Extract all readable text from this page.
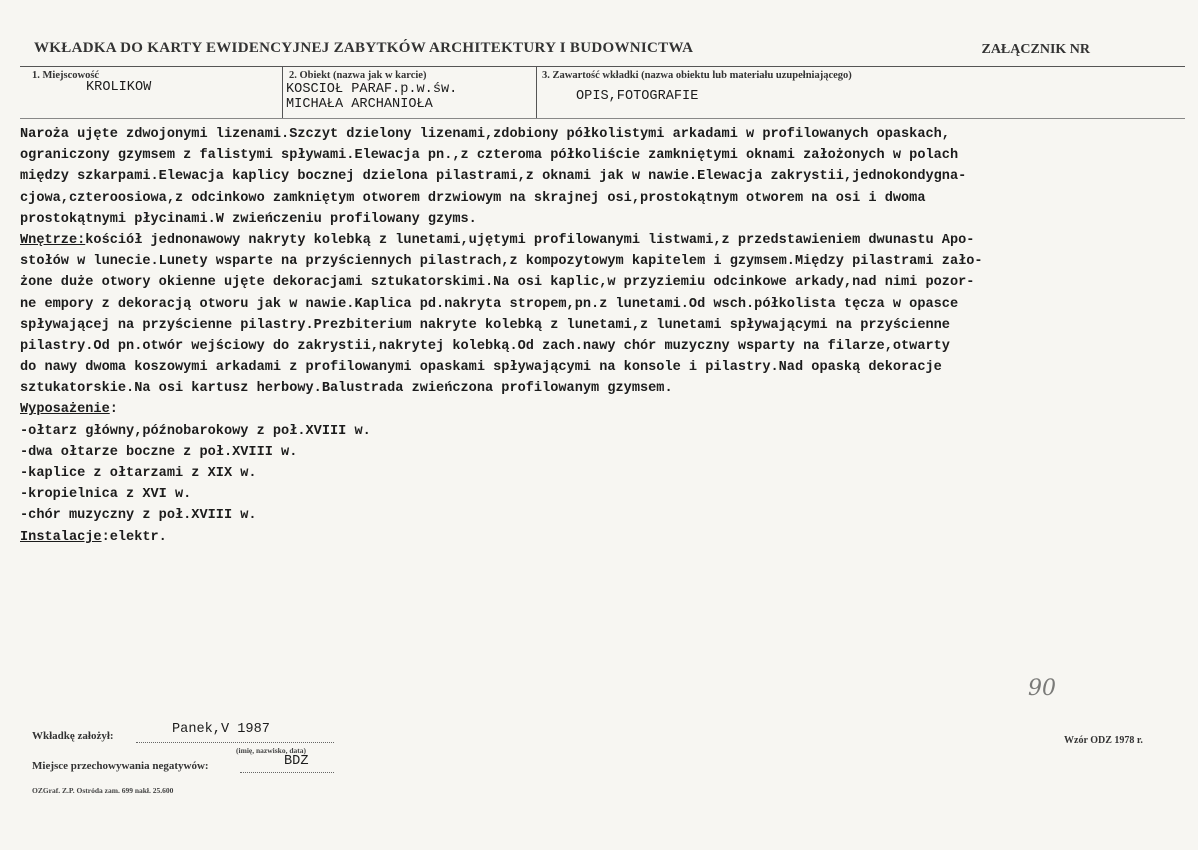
WKŁADKA DO KARTY EWIDENCYJNEJ ZABYTKÓW ARCHITEKTURY I BUDOWNICTWA	ZAŁĄCZNIK NR
1. Miejscowość
KROLIKOW
2. Obiekt (nazwa jak w karcie)
KOSCIOŁ PARAF.p.w.św.
MICHAŁA ARCHANIOŁA
3. Zawartość wkładki (nazwa obiektu lub materiału uzupełniającego)
OPIS,FOTOGRAFIE
Naroża ujęte zdwojonymi lizenami.Szczyt dzielony lizenami,zdobiony półkolistymi arkadami w profilowanych opaskach,
ograniczony gzymsem z falistymi spływami.Elewacja pn.,z czteroma półkoliście zamkniętymi oknami założonych w polach
między szkarpami.Elewacja kaplicy bocznej dzielona pilastrami,z oknami jak w nawie.Elewacja zakrystii,jednokondygna-
cjowa,czteroosiowa,z odcinkowo zamkniętym otworem drzwiowym na skrajnej osi,prostokątnym otworem na osi i dwoma
prostokątnymi płycinami.W zwieńczeniu profilowany gzyms.
Wnętrze:kościół jednonawowy nakryty kolebką z lunetami,ujętymi profilowanymi listwami,z przedstawieniem dwunastu Apo-
stołów w lunecie.Lunety wsparte na przyściennych pilastrach,z kompozytowym kapitelem i gzymsem.Między pilastrami zało-
żone duże otwory okienne ujęte dekoracjami sztukatorskimi.Na osi kaplic,w przyziemiu odcinkowe arkady,nad nimi pozor-
ne empory z dekoracją otworu jak w nawie.Kaplica pd.nakryta stropem,pn.z lunetami.Od wsch.półkolista tęcza w opasce
spływającej na przyścienne pilastry.Prezbiterium nakryte kolebką z lunetami,z lunetami spływającymi na przyścienne
pilastry.Od pn.otwór wejściowy do zakrystii,nakrytej kolebką.Od zach.nawy chór muzyczny wsparty na filarze,otwarty
do nawy dwoma koszowymi arkadami z profilowanymi opaskami spływającymi na konsole i pilastry.Nad opaską dekoracje
sztukatorskie.Na osi kartusz herbowy.Balustrada zwieńczona profilowanym gzymsem.
Wyposażenie:
-ołtarz główny,późnobarokowy z poł.XVIII w.
-dwa ołtarze boczne z poł.XVIII w.
-kaplice z ołtarzami z XIX w.
-kropielnica z XVI w.
-chór muzyczny z poł.XVIII w.
Instalacje:elektr.
90
Wkładkę założył:	Panek,V 1987
(imię, nazwisko, data)
Miejsce przechowywania negatywów:	BDZ
OZGraf. Z.P. Ostróda zam. 699 nakł. 25.600
Wzór ODZ 1978 r.
